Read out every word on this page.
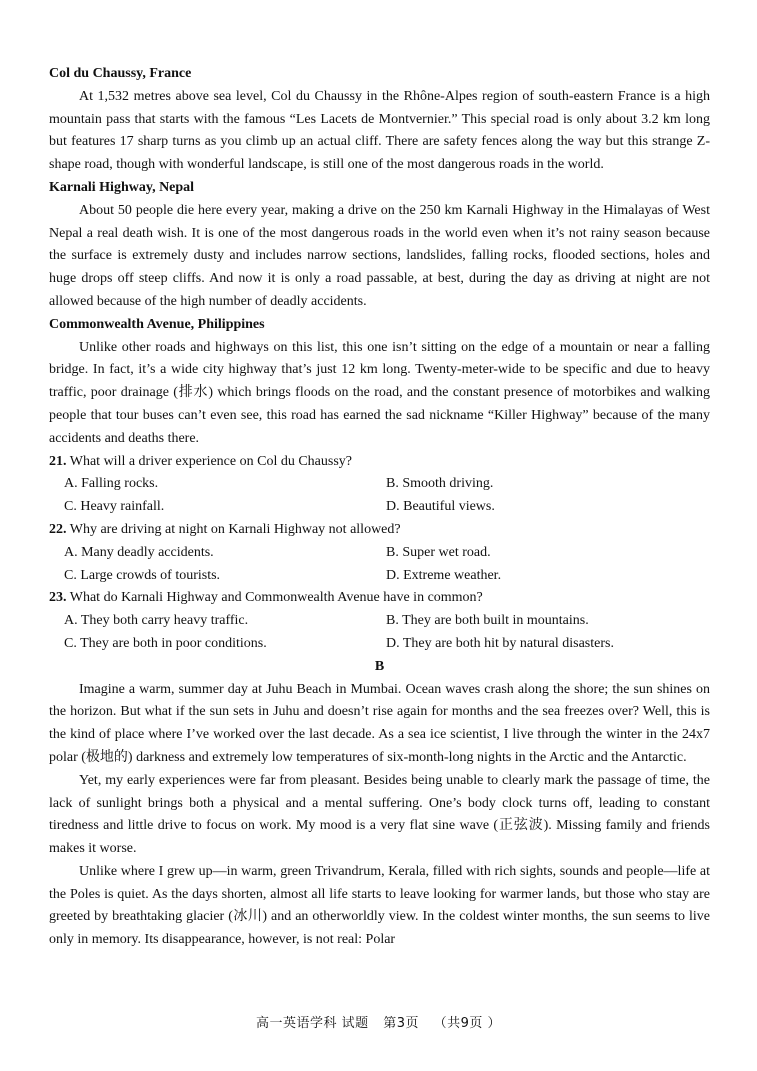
Col du Chaussy, France

At 1,532 metres above sea level, Col du Chaussy in the Rhône-Alpes region of south-eastern France is a high mountain pass that starts with the famous “Les Lacets de Montvernier.” This special road is only about 3.2 km long but features 17 sharp turns as you climb up an actual cliff. There are safety fences along the way but this strange Z-shape road, though with wonderful landscape, is still one of the most dangerous roads in the world.

Karnali Highway, Nepal

About 50 people die here every year, making a drive on the 250 km Karnali Highway in the Himalayas of West Nepal a real death wish. It is one of the most dangerous roads in the world even when it’s not rainy season because the surface is extremely dusty and includes narrow sections, landslides, falling rocks, flooded sections, holes and huge drops off steep cliffs. And now it is only a road passable, at best, during the day as driving at night are not allowed because of the high number of deadly accidents.

Commonwealth Avenue, Philippines

Unlike other roads and highways on this list, this one isn’t sitting on the edge of a mountain or near a falling bridge. In fact, it’s a wide city highway that’s just 12 km long. Twenty-meter-wide to be specific and due to heavy traffic, poor drainage (排水) which brings floods on the road, and the constant presence of motorbikes and walking people that tour buses can’t even see, this road has earned the sad nickname “Killer Highway” because of the many accidents and deaths there.

21. What will a driver experience on Col du Chaussy?

A. Falling rocks.	B. Smooth driving.
C. Heavy rainfall.	D. Beautiful views.

22. Why are driving at night on Karnali Highway not allowed?

A. Many deadly accidents.	B. Super wet road.
C. Large crowds of tourists.	D. Extreme weather.

23. What do Karnali Highway and Commonwealth Avenue have in common?

A. They both carry heavy traffic.	B. They are both built in mountains.
C. They are both in poor conditions.	D. They are both hit by natural disasters.

B

Imagine a warm, summer day at Juhu Beach in Mumbai. Ocean waves crash along the shore; the sun shines on the horizon. But what if the sun sets in Juhu and doesn’t rise again for months and the sea freezes over? Well, this is the kind of place where I’ve worked over the last decade. As a sea ice scientist, I live through the winter in the 24x7 polar (极地的) darkness and extremely low temperatures of six-month-long nights in the Arctic and the Antarctic.

Yet, my early experiences were far from pleasant. Besides being unable to clearly mark the passage of time, the lack of sunlight brings both a physical and a mental suffering. One’s body clock turns off, leading to constant tiredness and little drive to focus on work. My mood is a very flat sine wave (正弦波). Missing family and friends makes it worse.

Unlike where I grew up—in warm, green Trivandrum, Kerala, filled with rich sights, sounds and people—life at the Poles is quiet. As the days shorten, almost all life starts to leave looking for warmer lands, but those who stay are greeted by breathtaking glacier (冰川) and an otherworldly view. In the coldest winter months, the sun seems to live only in memory. Its disappearance, however, is not real: Polar

高一英语学科 试题 第3页 （共9页 ）
